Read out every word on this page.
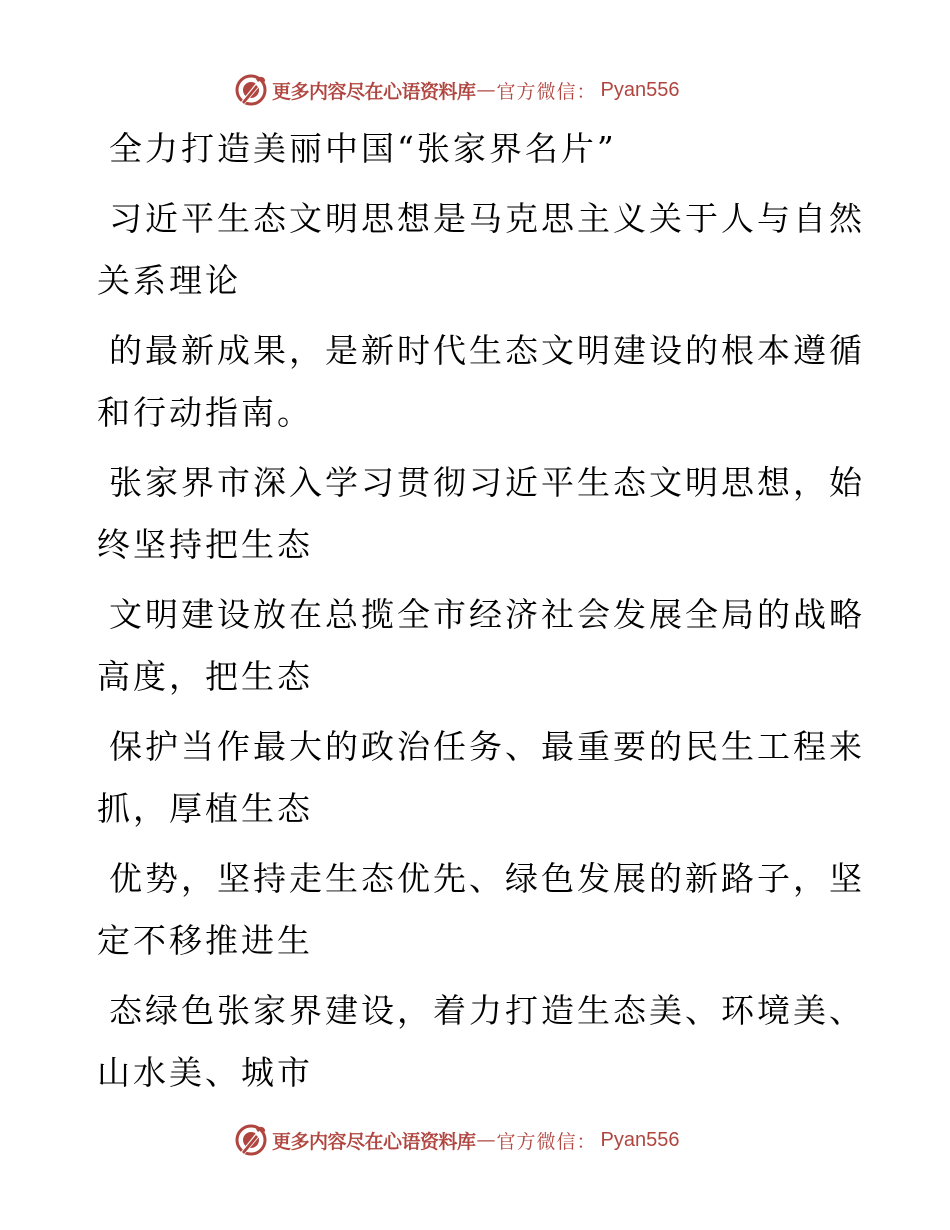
更多内容尽在心语资料库 — 官方微信： Pyan556
全力打造美丽中国“张家界名片”
习近平生态文明思想是马克思主义关于人与自然
关系理论
的最新成果，是新时代生态文明建设的根本遵循
和行动指南。
张家界市深入学习贯彻习近平生态文明思想，始
终坚持把生态
文明建设放在总揽全市经济社会发展全局的战略
高度，把生态
保护当作最大的政治任务、最重要的民生工程来
抓，厚植生态
优势，坚持走生态优先、绿色发展的新路子，坚
定不移推进生
态绿色张家界建设，着力打造生态美、环境美、
山水美、城市
更多内容尽在心语资料库 — 官方微信： Pyan556
